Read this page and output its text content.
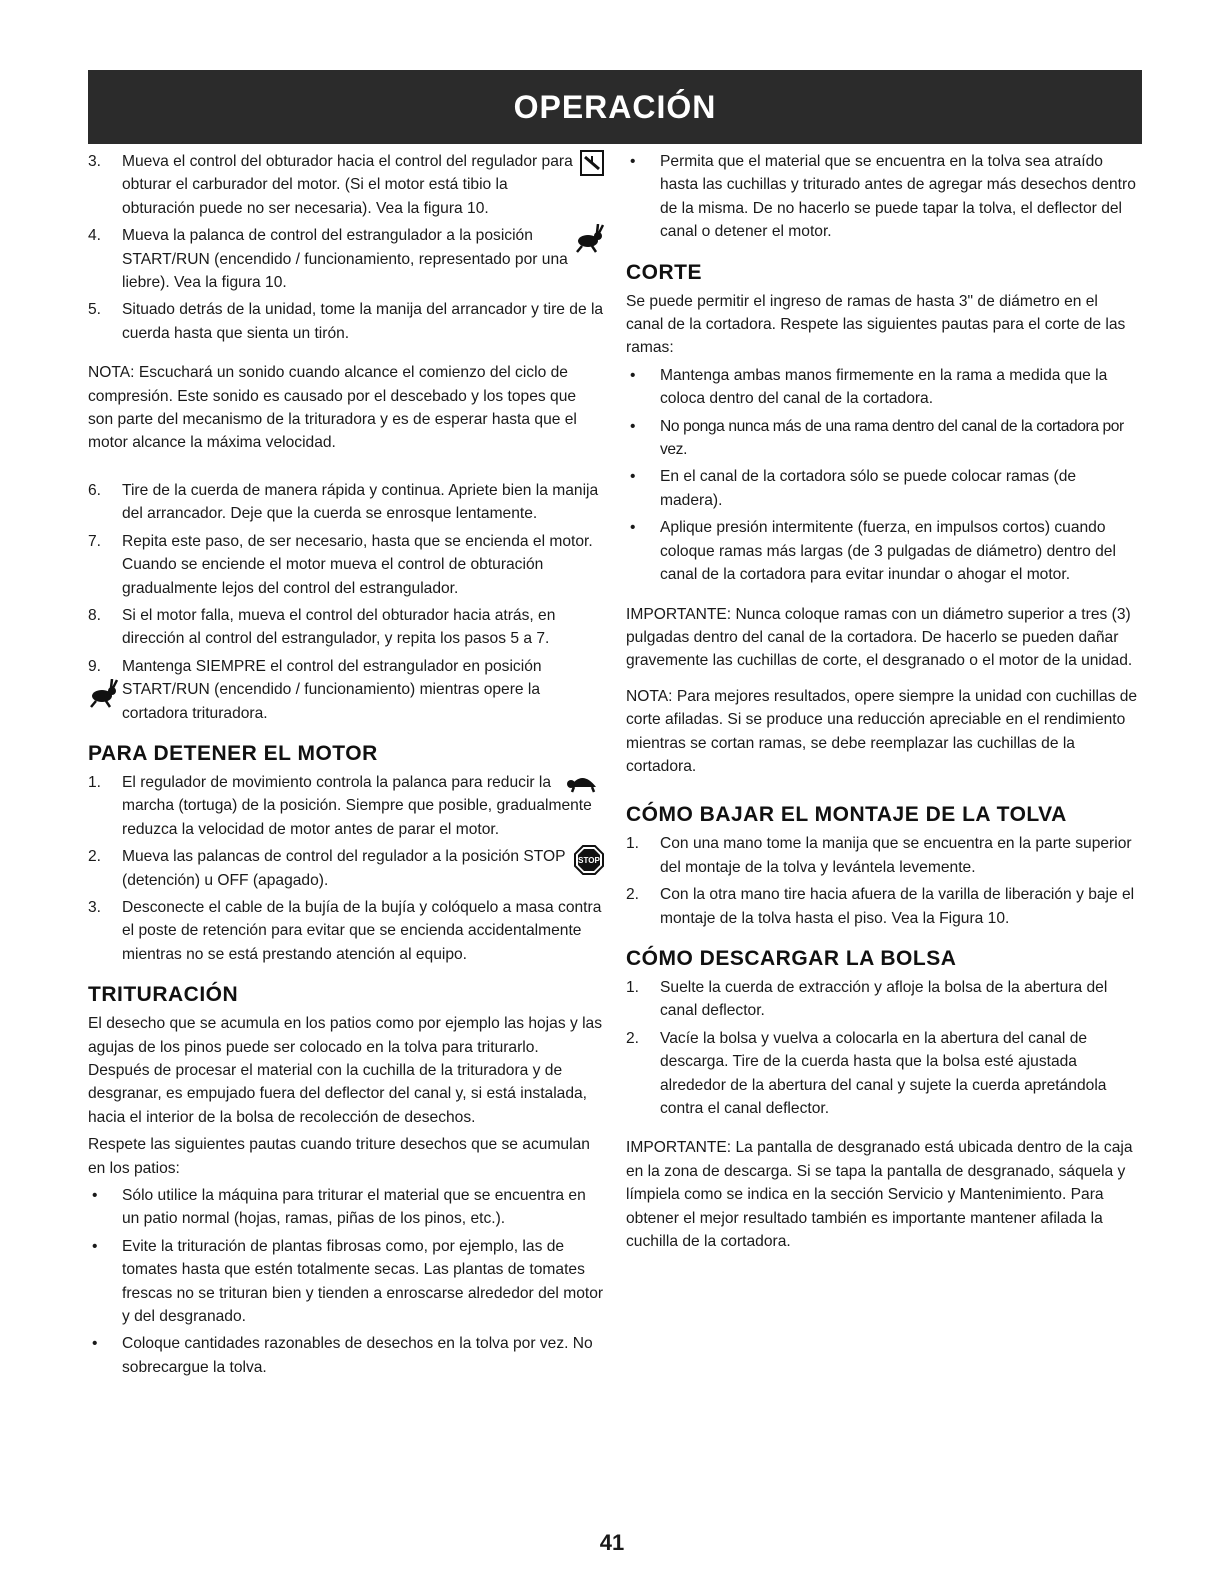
OPERACIÓN
3.	Mueva el control del obturador hacia el control del regulador para obturar el carburador del motor. (Si el motor está tibio la obturación puede no ser necesaria). Vea la figura 10.
4.	Mueva la palanca de control del estrangulador a la posición START/RUN (encendido / funcionamiento, representado por una liebre). Vea la figura 10.
5.	Situado detrás de la unidad, tome la manija del arrancador y tire de la cuerda hasta que sienta un tirón.

NOTA: Escuchará un sonido cuando alcance el comienzo del ciclo de compresión. Este sonido es causado por el descebado y los topes que son parte del mecanismo de la trituradora y es de esperar hasta que el motor alcance la máxima velocidad.

6.	Tire de la cuerda de manera rápida y continua. Apriete bien la manija del arrancador. Deje que la cuerda se enrosque lentamente.
7.	Repita este paso, de ser necesario, hasta que se encienda el motor. Cuando se enciende el motor mueva el control de obturación gradualmente lejos del control del estrangulador.
8.	Si el motor falla, mueva el control del obturador hacia atrás, en dirección al control del estrangulador, y repita los pasos 5 a 7.
9.	Mantenga SIEMPRE el control del estrangulador en posición START/RUN (encendido / funcionamiento) mientras opere la cortadora trituradora.
PARA DETENER EL MOTOR
1.	El regulador de movimiento controla la palanca para reducir la marcha (tortuga) de la posición. Siempre que posible, gradualmente reduzca la velocidad de motor antes de parar el motor.
2.	STOP
Mueva las palancas de control del regulador a la posición STOP (detención) u OFF (apagado).
3.	Desconecte el cable de la bujía de la bujía y colóquelo a masa contra el poste de retención para evitar que se encienda accidentalmente mientras no se está prestando atención al equipo.
TRITURACIÓN

El desecho que se acumula en los patios como por ejemplo las hojas y las agujas de los pinos puede ser colocado en la tolva para triturarlo. Después de procesar el material con la cuchilla de la trituradora y de desgranar, es empujado fuera del deflector del canal y, si está instalada, hacia el interior de la bolsa de recolección de desechos.

Respete las siguientes pautas cuando triture desechos que se acumulan en los patios:

•	Sólo utilice la máquina para triturar el material que se encuentra en un patio normal (hojas, ramas, piñas de los pinos, etc.).
•	Evite la trituración de plantas fibrosas como, por ejemplo, las de tomates hasta que estén totalmente secas. Las plantas de tomates frescas no se trituran bien y tienden a enroscarse alrededor del motor y del desgranado.
•	Coloque cantidades razonables de desechos en la tolva por vez. No sobrecargue la tolva.
•	Permita que el material que se encuentra en la tolva sea atraído hasta las cuchillas y triturado antes de agregar más desechos dentro de la misma. De no hacerlo se puede tapar la tolva, el deflector del canal o detener el motor.
CORTE

Se puede permitir el ingreso de ramas de hasta 3" de diámetro en el canal de la cortadora. Respete las siguientes pautas para el corte de las ramas:

•	Mantenga ambas manos firmemente en la rama a medida que la coloca dentro del canal de la cortadora.
•	No ponga nunca más de una rama dentro del canal de la cortadora por vez.
•	En el canal de la cortadora sólo se puede colocar ramas (de madera).
•	Aplique presión intermitente (fuerza, en impulsos cortos) cuando coloque ramas más largas (de 3 pulgadas de diámetro) dentro del canal de la cortadora para evitar inundar o ahogar el motor.

IMPORTANTE: Nunca coloque ramas con un diámetro superior a tres (3) pulgadas dentro del canal de la cortadora. De hacerlo se pueden dañar gravemente las cuchillas de corte, el desgranado o el motor de la unidad.

NOTA: Para mejores resultados, opere siempre la unidad con cuchillas de corte afiladas. Si se produce una reducción apreciable en el rendimiento mientras se cortan ramas, se debe reemplazar las cuchillas de la cortadora.

CÓMO BAJAR EL MONTAJE DE LA TOLVA
1.	Con una mano tome la manija que se encuentra en la parte superior del montaje de la tolva y levántela levemente.
2.	Con la otra mano tire hacia afuera de la varilla de liberación y baje el montaje de la tolva hasta el piso. Vea la Figura 10.
CÓMO DESCARGAR LA BOLSA
1.	Suelte la cuerda de extracción y afloje la bolsa de la abertura del canal deflector.
2.	Vacíe la bolsa y vuelva a colocarla en la abertura del canal de descarga. Tire de la cuerda hasta que la bolsa esté ajustada alrededor de la abertura del canal y sujete la cuerda apretándola contra el canal deflector.

IMPORTANTE: La pantalla de desgranado está ubicada dentro de la caja en la zona de descarga. Si se tapa la pantalla de desgranado, sáquela y límpiela como se indica en la sección Servicio y Mantenimiento. Para obtener el mejor resultado también es importante mantener afilada la cuchilla de la cortadora.

41
